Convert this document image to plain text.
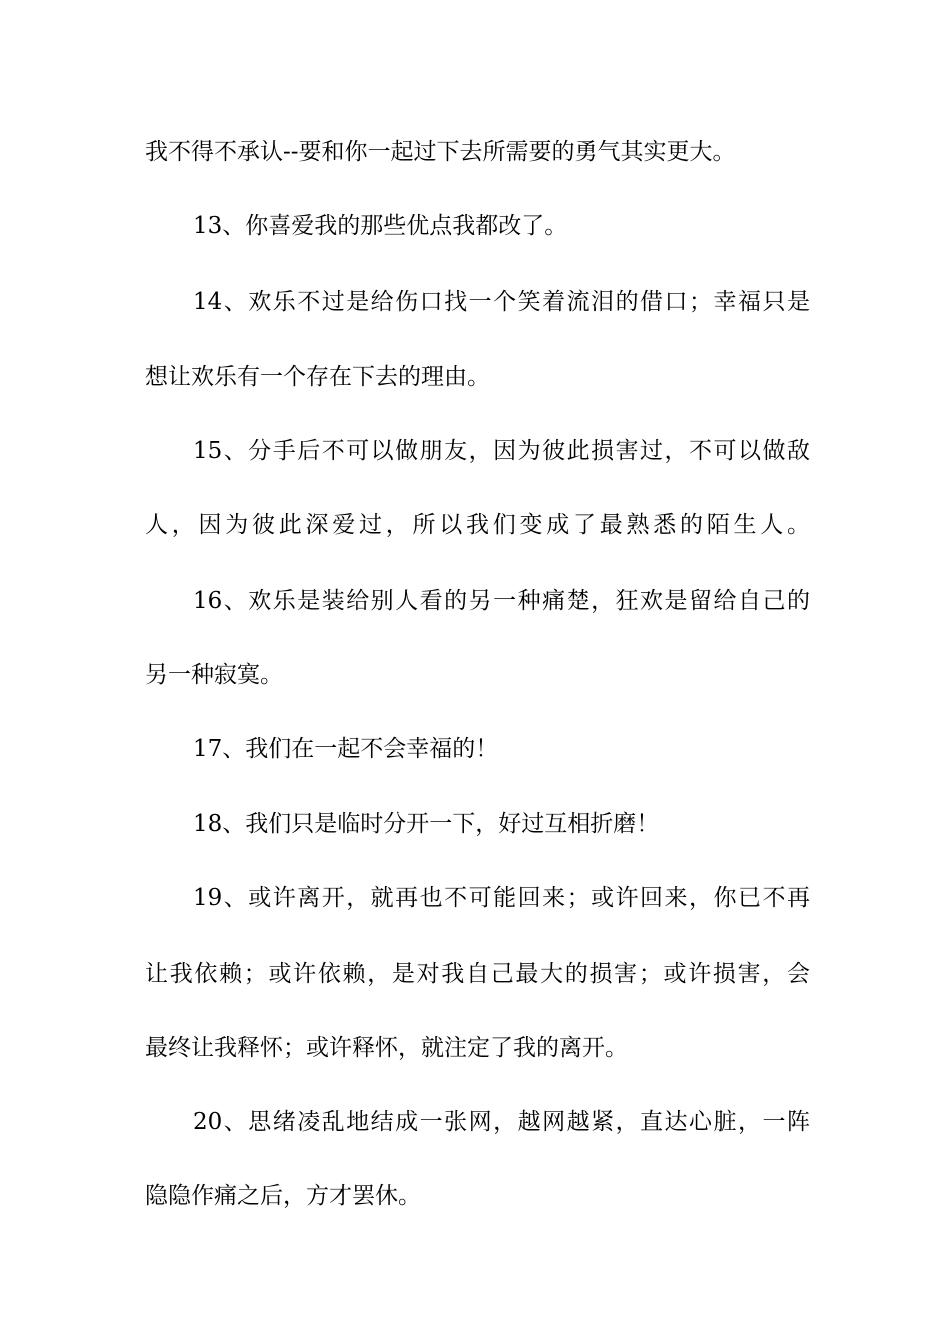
我不得不承认--要和你一起过下去所需要的勇气其实更大。
13、你喜爱我的那些优点我都改了。
14、欢乐不过是给伤口找一个笑着流泪的借口；幸福只是
想让欢乐有一个存在下去的理由。
15、分手后不可以做朋友，因为彼此损害过，不可以做敌
人，因为彼此深爱过，所以我们变成了最熟悉的陌生人。
16、欢乐是装给别人看的另一种痛楚，狂欢是留给自己的
另一种寂寞。
17、我们在一起不会幸福的！
18、我们只是临时分开一下，好过互相折磨！
19、或许离开，就再也不可能回来；或许回来，你已不再
让我依赖；或许依赖，是对我自己最大的损害；或许损害，会
最终让我释怀；或许释怀，就注定了我的离开。
20、思绪凌乱地结成一张网，越网越紧，直达心脏，一阵
隐隐作痛之后，方才罢休。
